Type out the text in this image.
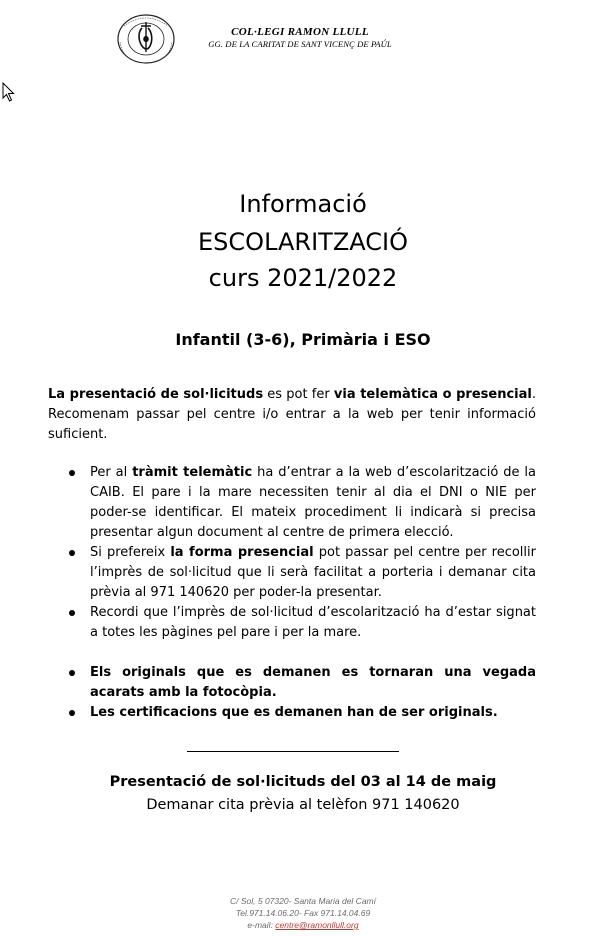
COL·LEGI RAMON LLULL
GG. DE LA CARITAT DE SANT VICENÇ DE PAÚL
Informació
ESCOLARITZACIÓ
curs 2021/2022
Infantil (3-6), Primària i ESO

La presentació de sol·licituds es pot fer via telemàtica o presencial. Recomenam passar pel centre i/o entrar a la web per tenir informació suficient.

Per al tràmit telemàtic ha d’entrar a la web d’escolarització de la CAIB. El pare i la mare necessiten tenir al dia el DNI o NIE per poder-se identificar. El mateix procediment li indicarà si precisa presentar algun document al centre de primera elecció.
Si prefereix la forma presencial pot passar pel centre per recollir l’imprès de sol·licitud que li serà facilitat a porteria i demanar cita prèvia al 971 140620 per poder-la presentar.
Recordi que l’imprès de sol·licitud d’escolarització ha d’estar signat a totes les pàgines pel pare i per la mare.
Els originals que es demanen es tornaran una vegada acarats amb la fotocòpia.
Les certificacions que es demanen han de ser originals.
Presentació de sol·licituds del 03 al 14 de maig
Demanar cita prèvia al telèfon 971 140620
C/ Sol, 5 07320- Santa Maria del Camí
Tel.971.14.06.20- Fax 971.14.04.69
e-mail: centre@ramonllull.org
